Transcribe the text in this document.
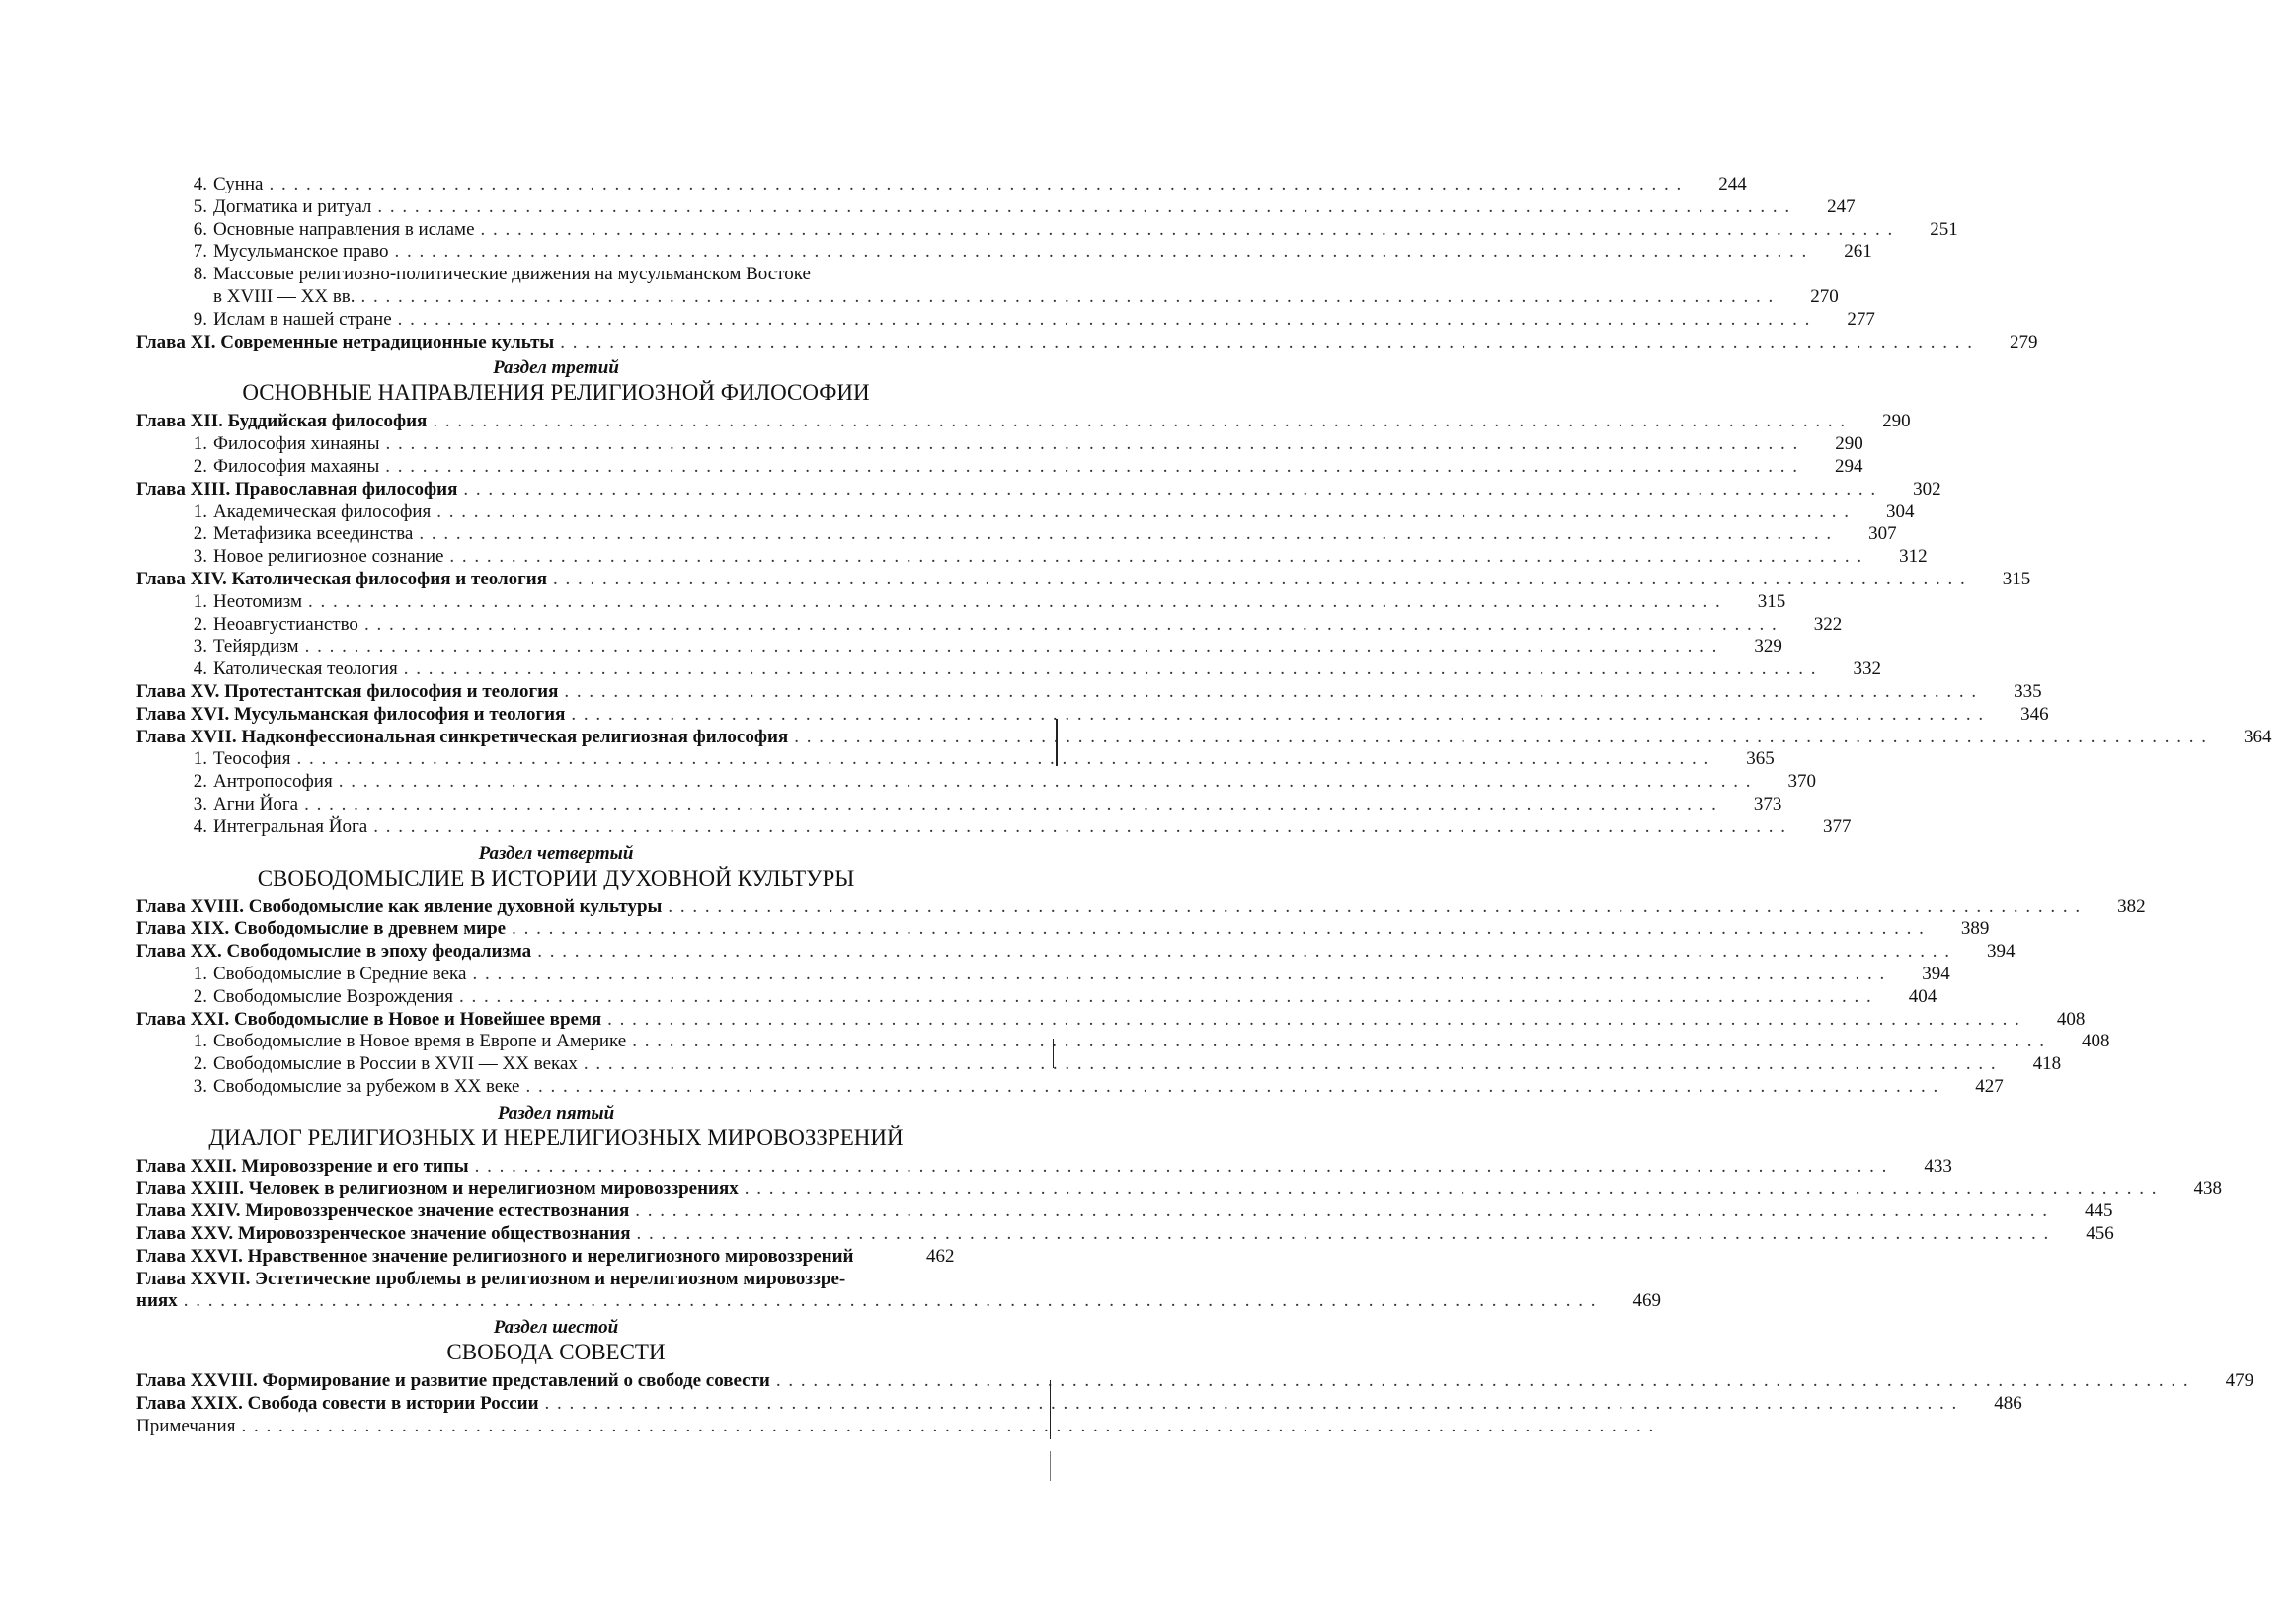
4. Сунна . . .	244
5. Догматика и ритуал . . .	247
6. Основные направления в исламе . . .	251
7. Мусульманское право . . .	261
8. Массовые религиозно-политические движения на мусульманском Востоке
в XVIII — XX вв. . . .	270
9. Ислам в нашей стране . . .	277
Глава XI. Современные нетрадиционные культы . . .	279
Раздел третий
ОСНОВНЫЕ НАПРАВЛЕНИЯ РЕЛИГИОЗНОЙ ФИЛОСОФИИ
Глава XII. Буддийская философия . . .	290
1. Философия хинаяны . . .	290
2. Философия махаяны . . .	294
Глава XIII. Православная философия . . .	302
1. Академическая философия . . .	304
2. Метафизика всеединства . . .	307
3. Новое религиозное сознание . . .	312
Глава XIV. Католическая философия и теология . . .	315
1. Неотомизм . . .	315
2. Неоавгустианство . . .	322
3. Тейярдизм . . .	329
4. Католическая теология . . .	332
Глава XV. Протестантская философия и теология . . .	335
Глава XVI. Мусульманская философия и теология . . .	346
Глава XVII. Надконфессиональная синкретическая религиозная философия . . .	364
1. Теософия . . .	365
2. Антропософия . . .	370
3. Агни Йога . . .	373
4. Интегральная Йога . . .	377
Раздел четвертый
СВОБОДОМЫСЛИЕ В ИСТОРИИ ДУХОВНОЙ КУЛЬТУРЫ
Глава XVIII. Свободомыслие как явление духовной культуры . . .	382
Глава XIX. Свободомыслие в древнем мире . . .	389
Глава XX. Свободомыслие в эпоху феодализма . . .	394
1. Свободомыслие в Средние века . . .	394
2. Свободомыслие Возрождения . . .	404
Глава XXI. Свободомыслие в Новое и Новейшее время . . .	408
1. Свободомыслие в Новое время в Европе и Америке . . .	408
2. Свободомыслие в России в XVII — XX веках . . .	418
3. Свободомыслие за рубежом в XX веке . . .	427
Раздел пятый
ДИАЛОГ РЕЛИГИОЗНЫХ И НЕРЕЛИГИОЗНЫХ МИРОВОЗЗРЕНИЙ
Глава XXII. Мировоззрение и его типы . . .	433
Глава XXIII. Человек в религиозном и нерелигиозном мировоззрениях . . .	438
Глава XXIV. Мировоззренческое значение естествознания . . .	445
Глава XXV. Мировоззренческое значение обществознания . . .	456
Глава XXVI. Нравственное значение религиозного и нерелигиозного мировоззрений	462
Глава XXVII. Эстетические проблемы в религиозном и нерелигиозном мировоззре-
ниях . . .	469
Раздел шестой
СВОБОДА СОВЕСТИ
Глава XXVIII. Формирование и развитие представлений о свободе совести . . .	479
Глава XXIX. Свобода совести в истории России . . .	486
Примечания
. . .
